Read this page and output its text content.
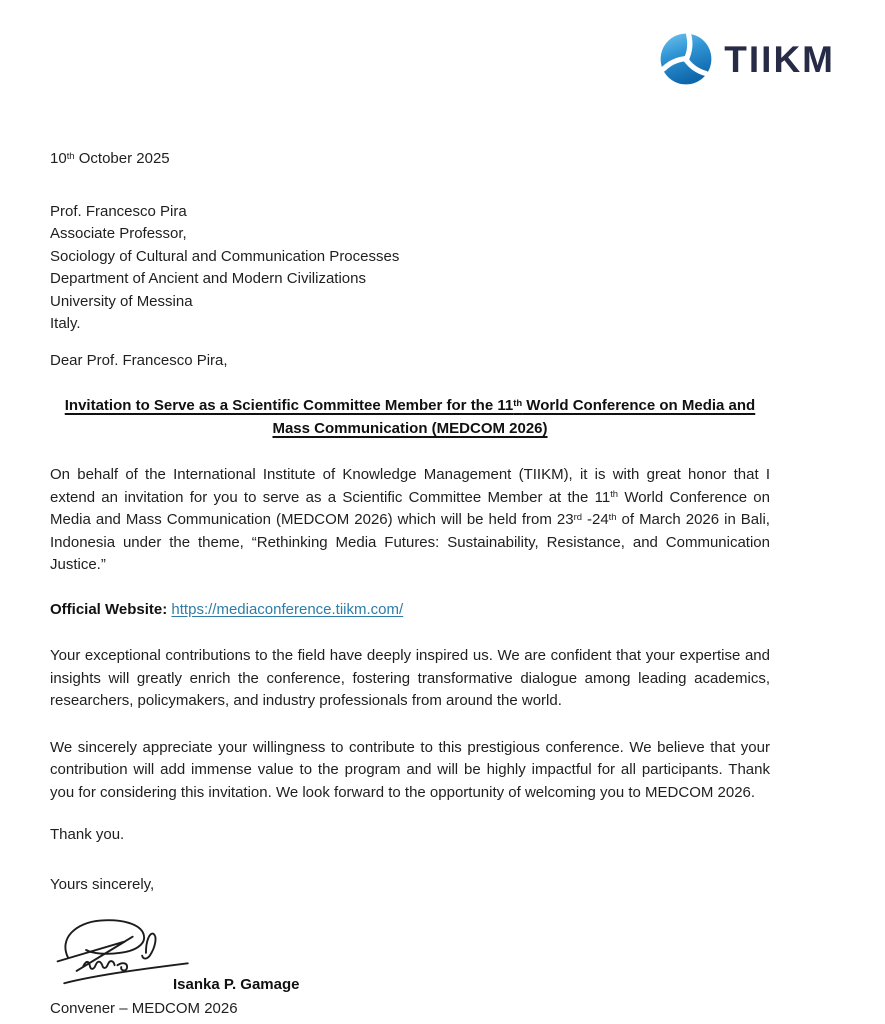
TIIKM
10th October 2025
Prof. Francesco Pira
Associate Professor,
Sociology of Cultural and Communication Processes
Department of Ancient and Modern Civilizations
University of Messina
Italy.
Dear Prof. Francesco Pira,
Invitation to Serve as a Scientific Committee Member for the 11th World Conference on Media and Mass Communication (MEDCOM 2026)

On behalf of the International Institute of Knowledge Management (TIIKM), it is with great honor that I extend an invitation for you to serve as a Scientific Committee Member at the 11th World Conference on Media and Mass Communication (MEDCOM 2026) which will be held from 23rd -24th of March 2026 in Bali, Indonesia under the theme, “Rethinking Media Futures: Sustainability, Resistance, and Communication Justice.”

Official Website: https://mediaconference.tiikm.com/

Your exceptional contributions to the field have deeply inspired us. We are confident that your expertise and insights will greatly enrich the conference, fostering transformative dialogue among leading academics, researchers, policymakers, and industry professionals from around the world.

We sincerely appreciate your willingness to contribute to this prestigious conference. We believe that your contribution will add immense value to the program and will be highly impactful for all participants. Thank you for considering this invitation. We look forward to the opportunity of welcoming you to MEDCOM 2026.

Thank you.
Yours sincerely,
Isanka P. Gamage
Convener – MEDCOM 2026
